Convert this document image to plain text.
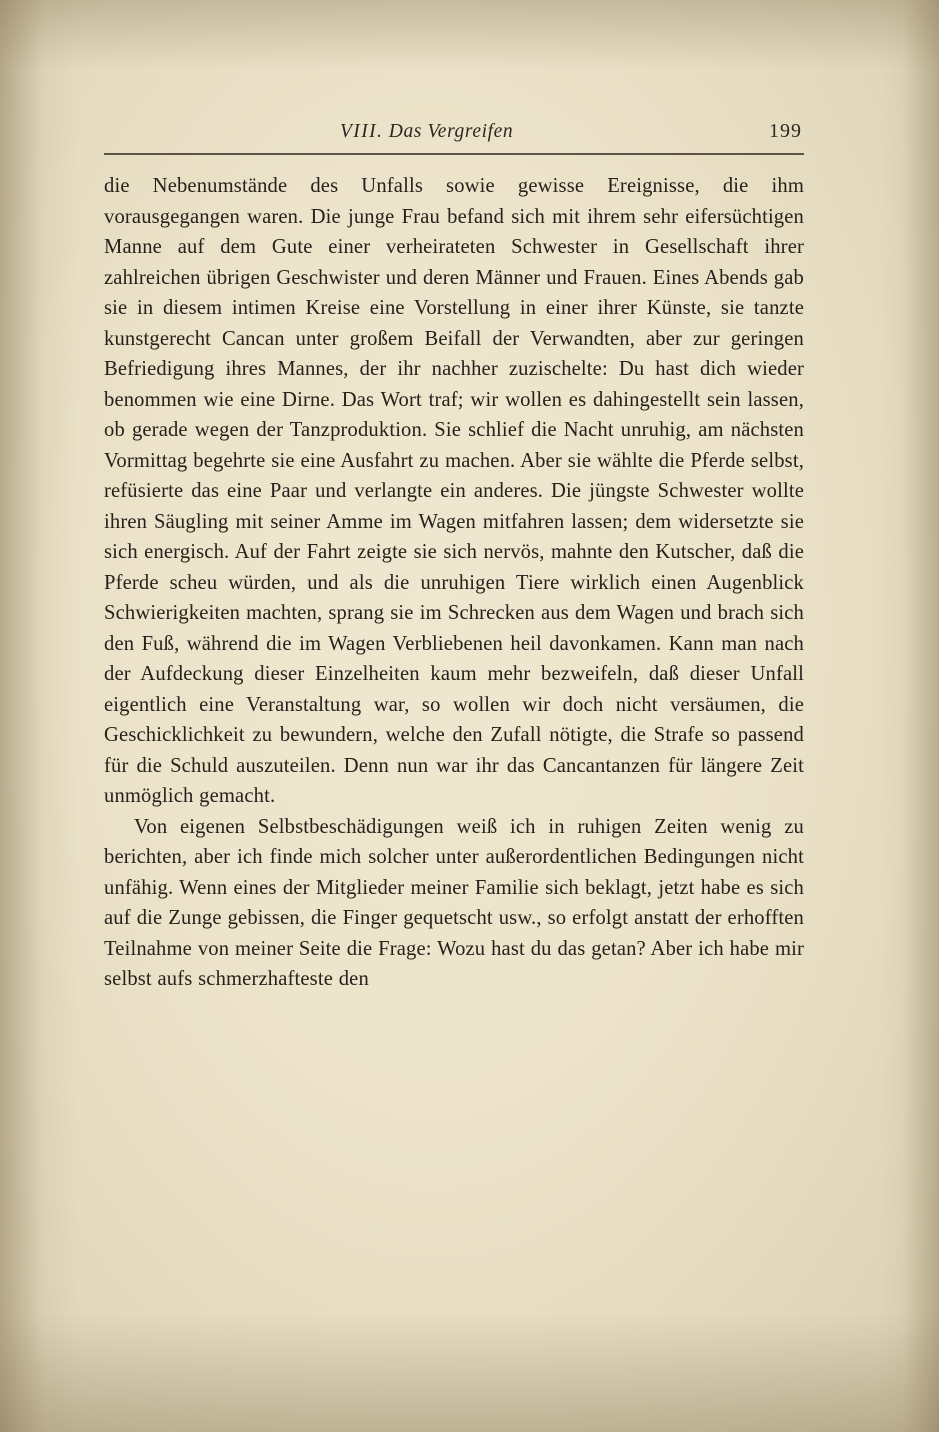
VIII. Das Vergreifen	199

die Nebenumstände des Unfalls sowie gewisse Ereignisse, die ihm vorausgegangen waren. Die junge Frau befand sich mit ihrem sehr eifersüchtigen Manne auf dem Gute einer verheirateten Schwester in Gesellschaft ihrer zahlreichen übrigen Geschwister und deren Männer und Frauen. Eines Abends gab sie in diesem intimen Kreise eine Vorstellung in einer ihrer Künste, sie tanzte kunstgerecht Cancan unter großem Beifall der Verwandten, aber zur geringen Befriedigung ihres Mannes, der ihr nachher zuzischelte: Du hast dich wieder benommen wie eine Dirne. Das Wort traf; wir wollen es dahingestellt sein lassen, ob gerade wegen der Tanzproduktion. Sie schlief die Nacht unruhig, am nächsten Vormittag begehrte sie eine Ausfahrt zu machen. Aber sie wählte die Pferde selbst, refüsierte das eine Paar und verlangte ein anderes. Die jüngste Schwester wollte ihren Säugling mit seiner Amme im Wagen mitfahren lassen; dem widersetzte sie sich energisch. Auf der Fahrt zeigte sie sich nervös, mahnte den Kutscher, daß die Pferde scheu würden, und als die unruhigen Tiere wirklich einen Augenblick Schwierigkeiten machten, sprang sie im Schrecken aus dem Wagen und brach sich den Fuß, während die im Wagen Verbliebenen heil davonkamen. Kann man nach der Aufdeckung dieser Einzelheiten kaum mehr bezweifeln, daß dieser Unfall eigentlich eine Veranstaltung war, so wollen wir doch nicht versäumen, die Geschicklichkeit zu bewundern, welche den Zufall nötigte, die Strafe so passend für die Schuld auszuteilen. Denn nun war ihr das Cancantanzen für längere Zeit unmöglich gemacht.

Von eigenen Selbstbeschädigungen weiß ich in ruhigen Zeiten wenig zu berichten, aber ich finde mich solcher unter außerordentlichen Bedingungen nicht unfähig. Wenn eines der Mitglieder meiner Familie sich beklagt, jetzt habe es sich auf die Zunge gebissen, die Finger gequetscht usw., so erfolgt anstatt der erhofften Teilnahme von meiner Seite die Frage: Wozu hast du das getan? Aber ich habe mir selbst aufs schmerzhafteste den
